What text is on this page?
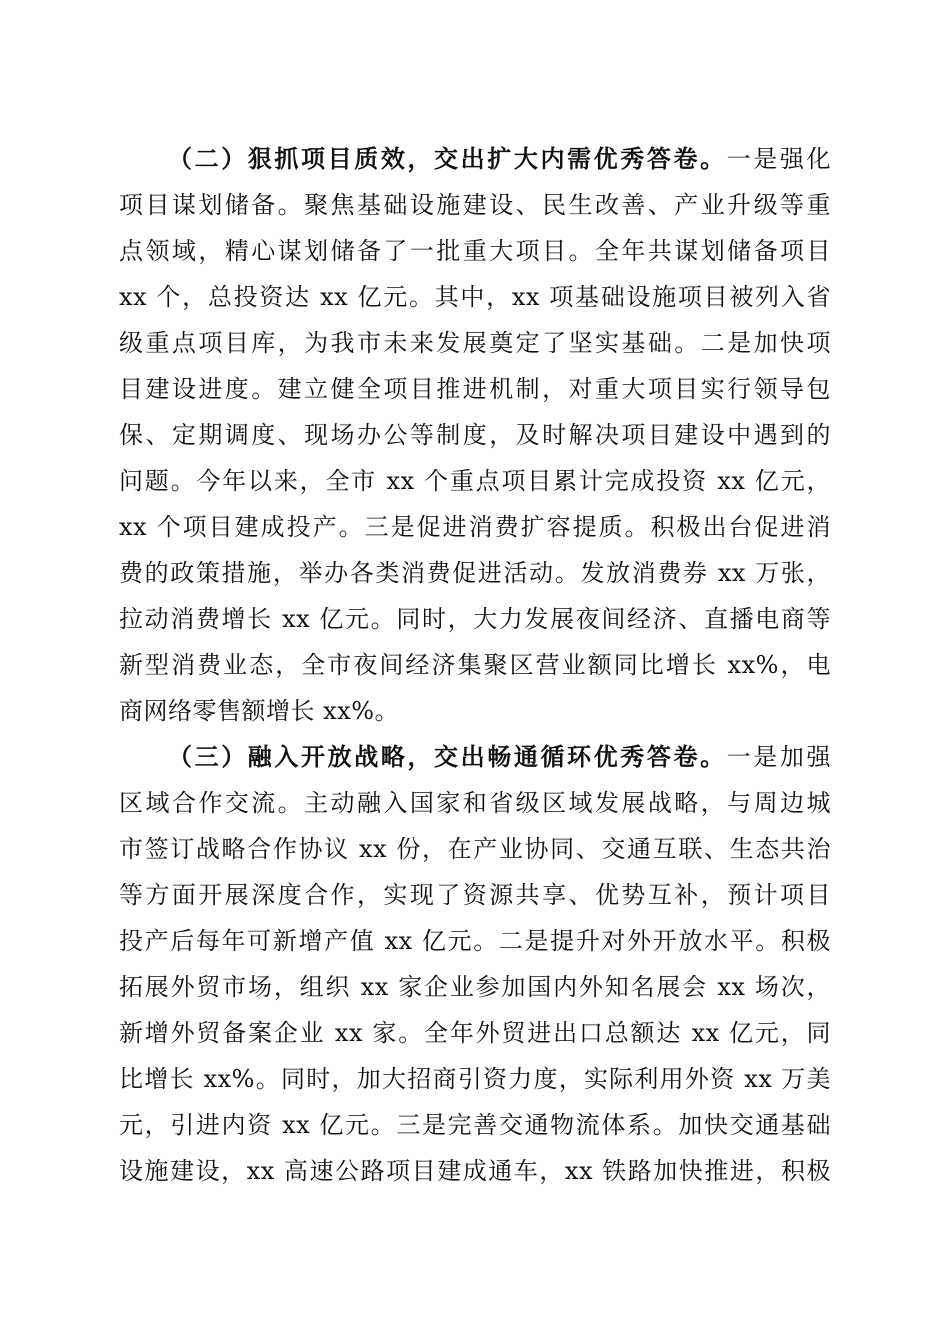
（二）狠抓项目质效，交出扩大内需优秀答卷。一是强化
项目谋划储备。聚焦基础设施建设、民生改善、产业升级等重
点领域，精心谋划储备了一批重大项目。全年共谋划储备项目
xx 个，总投资达 xx 亿元。其中，xx 项基础设施项目被列入省
级重点项目库，为我市未来发展奠定了坚实基础。二是加快项
目建设进度。建立健全项目推进机制，对重大项目实行领导包
保、定期调度、现场办公等制度，及时解决项目建设中遇到的
问题。今年以来，全市 xx 个重点项目累计完成投资 xx 亿元，
xx 个项目建成投产。三是促进消费扩容提质。积极出台促进消
费的政策措施，举办各类消费促进活动。发放消费券 xx 万张，
拉动消费增长 xx 亿元。同时，大力发展夜间经济、直播电商等
新型消费业态，全市夜间经济集聚区营业额同比增长 xx%，电
商网络零售额增长 xx%。
（三）融入开放战略，交出畅通循环优秀答卷。一是加强
区域合作交流。主动融入国家和省级区域发展战略，与周边城
市签订战略合作协议 xx 份，在产业协同、交通互联、生态共治
等方面开展深度合作，实现了资源共享、优势互补，预计项目
投产后每年可新增产值 xx 亿元。二是提升对外开放水平。积极
拓展外贸市场，组织 xx 家企业参加国内外知名展会 xx 场次，
新增外贸备案企业 xx 家。全年外贸进出口总额达 xx 亿元，同
比增长 xx%。同时，加大招商引资力度，实际利用外资 xx 万美
元，引进内资 xx 亿元。三是完善交通物流体系。加快交通基础
设施建设，xx 高速公路项目建成通车，xx 铁路加快推进，积极
